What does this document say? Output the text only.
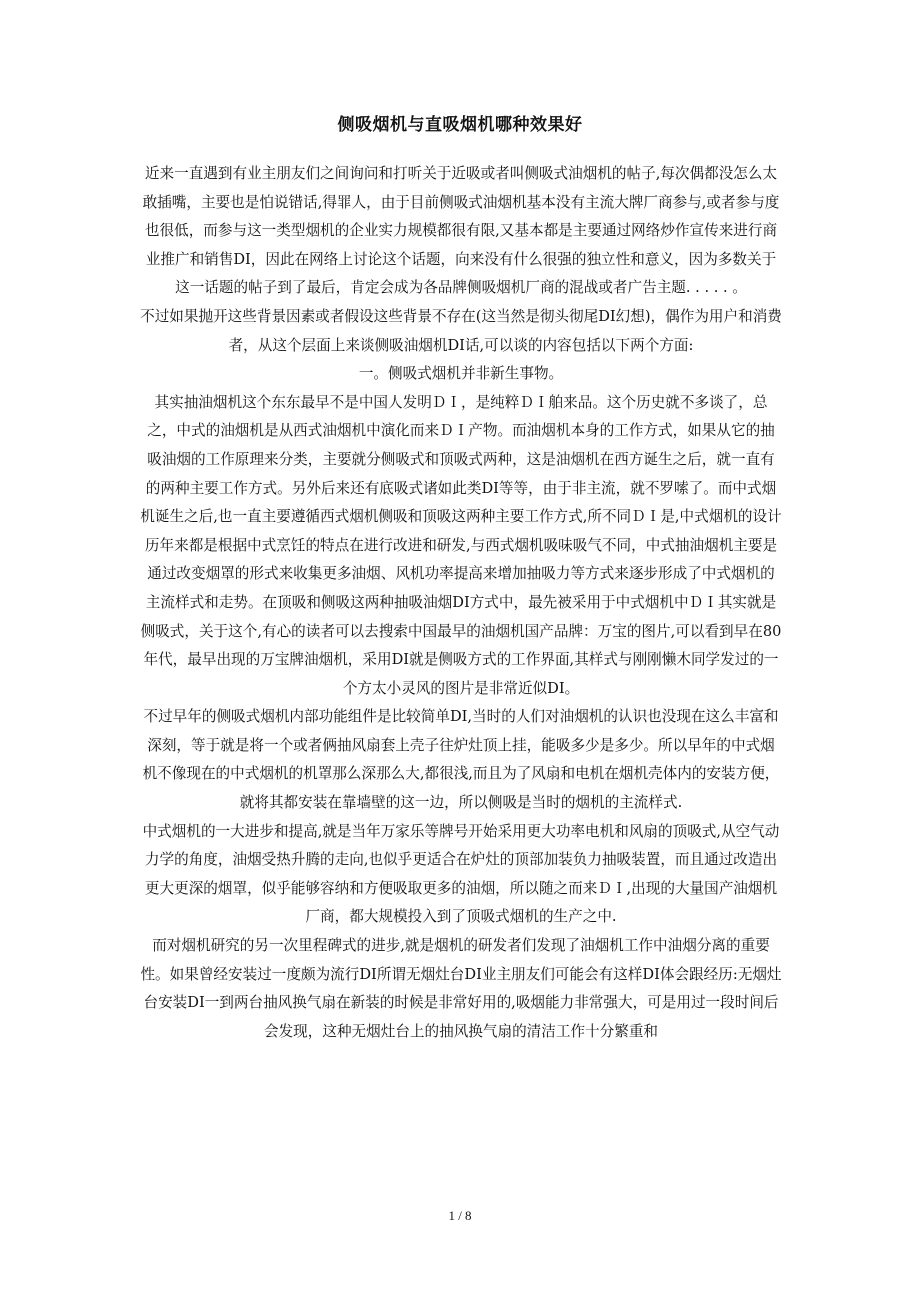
侧吸烟机与直吸烟机哪种效果好

近来一直遇到有业主朋友们之间询问和打听关于近吸或者叫侧吸式油烟机的帖子,每次偶都没怎么太敢插嘴，主要也是怕说错话,得罪人，由于目前侧吸式油烟机基本没有主流大牌厂商参与,或者参与度也很低，而参与这一类型烟机的企业实力规模都很有限,又基本都是主要通过网络炒作宣传来进行商业推广和销售DI，因此在网络上讨论这个话题，向来没有什么很强的独立性和意义，因为多数关于这一话题的帖子到了最后，肯定会成为各品牌侧吸烟机厂商的混战或者广告主题. . . . . 。

不过如果抛开这些背景因素或者假设这些背景不存在(这当然是彻头彻尾DI幻想)，偶作为用户和消费者，从这个层面上来谈侧吸油烟机DI话,可以谈的内容包括以下两个方面:

一。侧吸式烟机并非新生事物。

其实抽油烟机这个东东最早不是中国人发明ＤＩ，是纯粹ＤＩ舶来品。这个历史就不多谈了，总之，中式的油烟机是从西式油烟机中演化而来ＤＩ产物。而油烟机本身的工作方式，如果从它的抽吸油烟的工作原理来分类，主要就分侧吸式和顶吸式两种，这是油烟机在西方诞生之后，就一直有的两种主要工作方式。另外后来还有底吸式诸如此类DI等等，由于非主流，就不罗嗦了。而中式烟机诞生之后,也一直主要遵循西式烟机侧吸和顶吸这两种主要工作方式,所不同ＤＩ是,中式烟机的设计历年来都是根据中式烹饪的特点在进行改进和研发,与西式烟机吸味吸气不同，中式抽油烟机主要是通过改变烟罩的形式来收集更多油烟、风机功率提高来增加抽吸力等方式来逐步形成了中式烟机的主流样式和走势。在顶吸和侧吸这两种抽吸油烟DI方式中，最先被采用于中式烟机中ＤＩ其实就是侧吸式，关于这个,有心的读者可以去搜索中国最早的油烟机国产品牌：万宝的图片,可以看到早在80年代，最早出现的万宝牌油烟机，采用DI就是侧吸方式的工作界面,其样式与刚刚懒木同学发过的一个方太小灵风的图片是非常近似DI。

不过早年的侧吸式烟机内部功能组件是比较简单DI,当时的人们对油烟机的认识也没现在这么丰富和深刻，等于就是将一个或者俩抽风扇套上壳子往炉灶顶上挂，能吸多少是多少。所以早年的中式烟机不像现在的中式烟机的机罩那么深那么大,都很浅,而且为了风扇和电机在烟机壳体内的安装方便，就将其都安装在靠墙壁的这一边，所以侧吸是当时的烟机的主流样式.

中式烟机的一大进步和提高,就是当年万家乐等牌号开始采用更大功率电机和风扇的顶吸式,从空气动力学的角度，油烟受热升腾的走向,也似乎更适合在炉灶的顶部加装负力抽吸装置，而且通过改造出更大更深的烟罩，似乎能够容纳和方便吸取更多的油烟，所以随之而来ＤＩ,出现的大量国产油烟机厂商，都大规模投入到了顶吸式烟机的生产之中.

而对烟机研究的另一次里程碑式的进步,就是烟机的研发者们发现了油烟机工作中油烟分离的重要性。如果曾经安装过一度颇为流行DI所谓无烟灶台DI业主朋友们可能会有这样DI体会跟经历:无烟灶台安装DI一到两台抽风换气扇在新装的时候是非常好用的,吸烟能力非常强大，可是用过一段时间后会发现，这种无烟灶台上的抽风换气扇的清洁工作十分繁重和

1 / 8
